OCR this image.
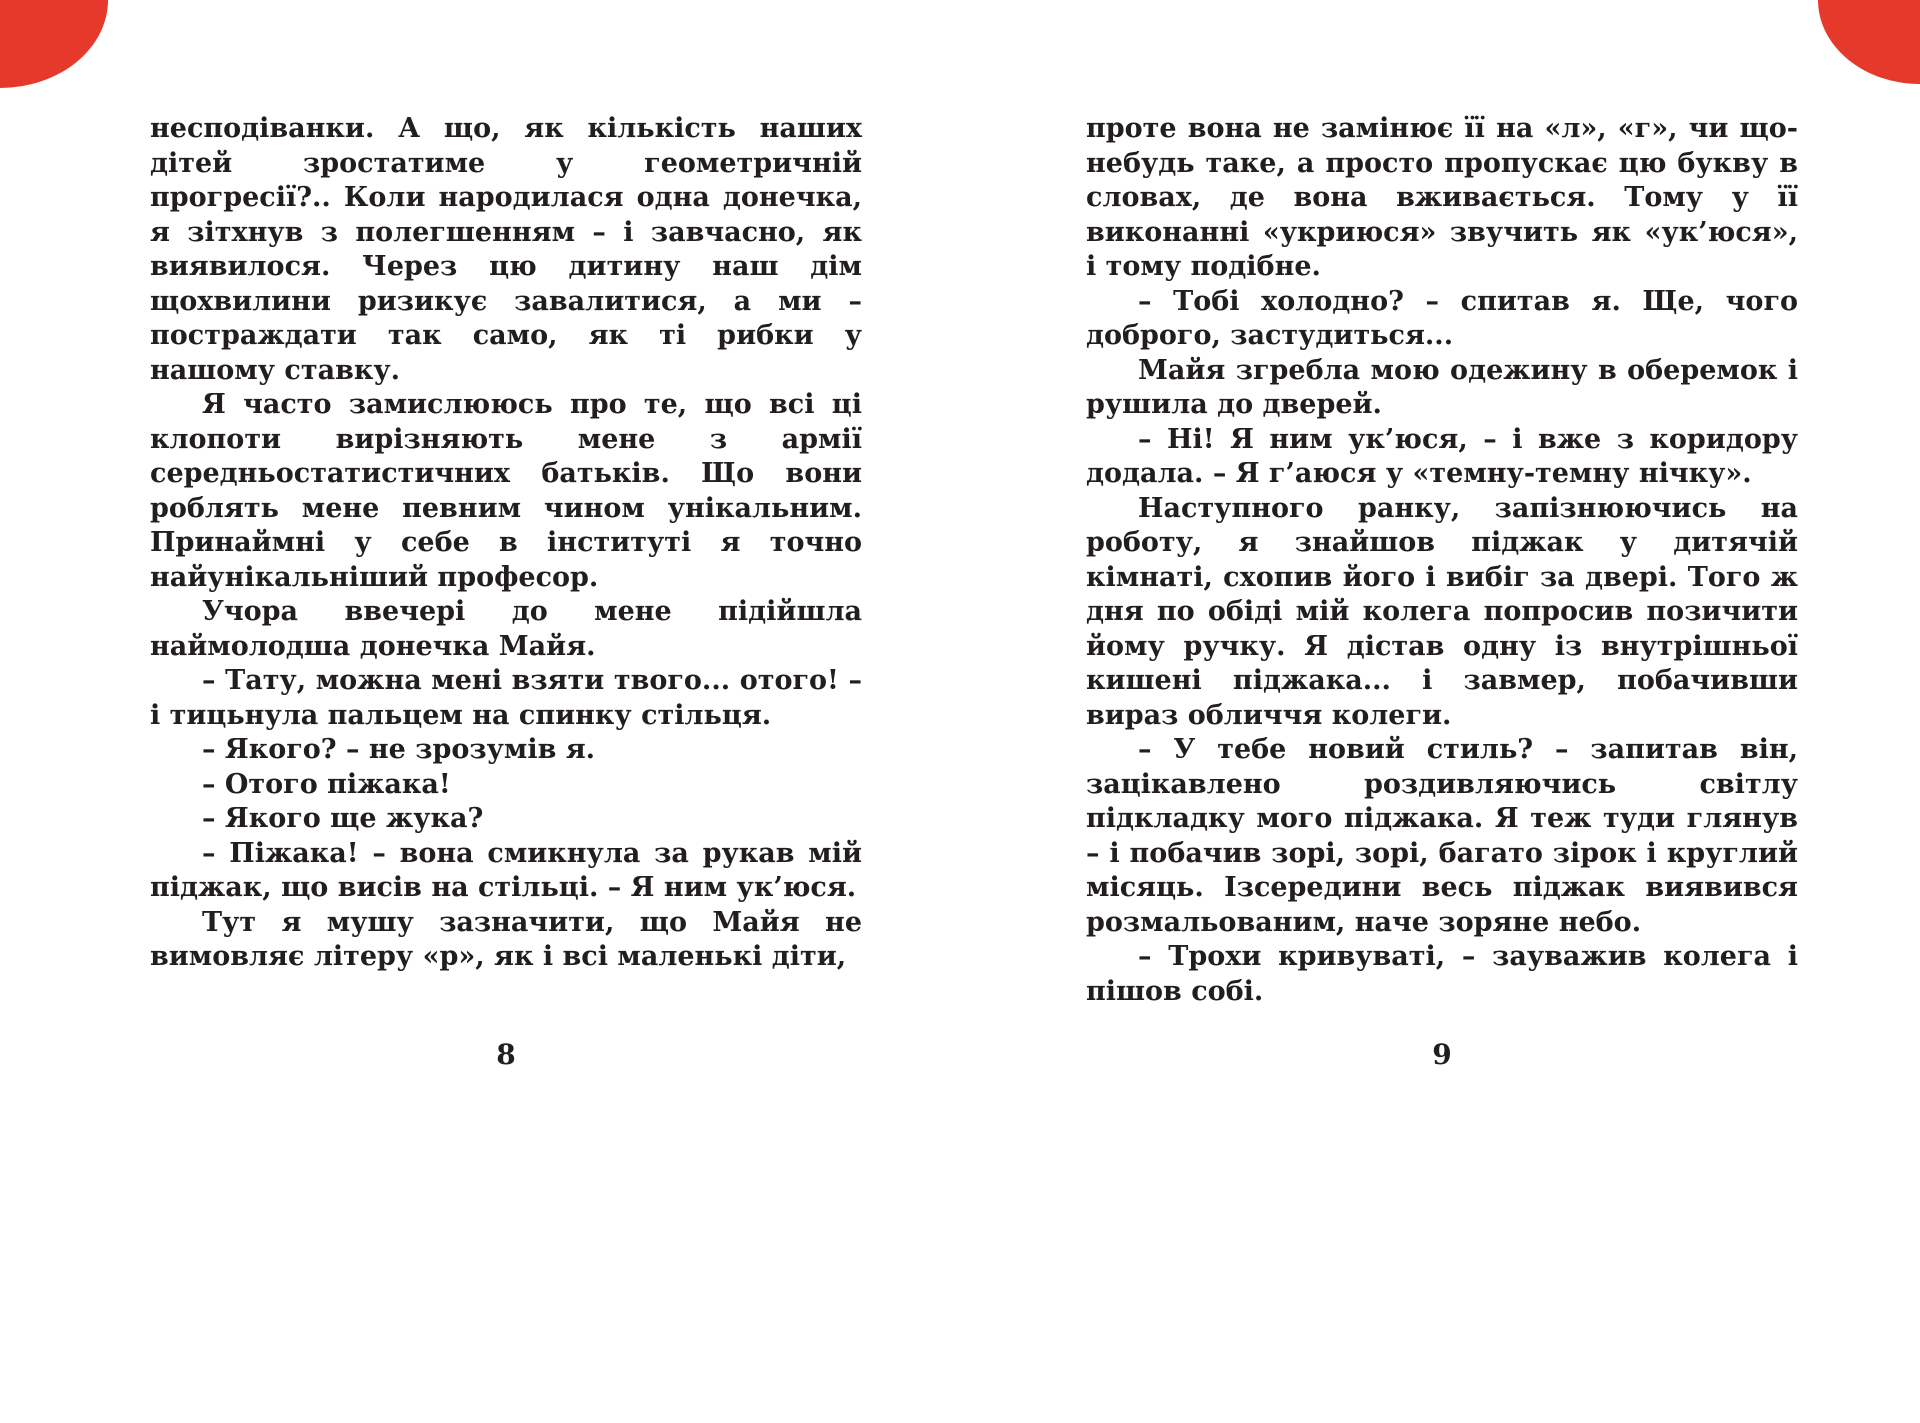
несподіванки. А що, як кількість наших дітей зростатиме у геометричній прогресії?.. Коли народилася одна донечка, я зітхнув з полегшенням – і завчасно, як виявилося. Через цю дитину наш дім щохвилини ризикує завалитися, а ми – постраждати так само, як ті рибки у нашому ставку.

Я часто замислююсь про те, що всі ці клопоти вирізняють мене з армії середньостатистичних батьків. Що вони роблять мене певним чином унікальним. Принаймні у себе в інституті я точно найунікальніший професор.

Учора ввечері до мене підійшла наймолодша донечка Майя.

– Тату, можна мені взяти твого... отого! – і тицьнула пальцем на спинку стільця.

– Якого? – не зрозумів я.

– Отого піжака!

– Якого ще жука?

– Піжака! – вона смикнула за рукав мій піджак, що висів на стільці. – Я ним ук’юся.

Тут я мушу зазначити, що Майя не вимовляє літеру «р», як і всі маленькі діти,

8

проте вона не замінює її на «л», «г», чи що-небудь таке, а просто пропускає цю букву в словах, де вона вживається. Тому у її виконанні «укриюся» звучить як «ук’юся», і тому подібне.

– Тобі холодно? – спитав я. Ще, чого доброго, застудиться...

Майя згребла мою одежину в оберемок і рушила до дверей.

– Ні! Я ним ук’юся, – і вже з коридору додала. – Я г’аюся у «темну-темну нічку».

Наступного ранку, запізнюючись на роботу, я знайшов піджак у дитячій кімнаті, схопив його і вибіг за двері. Того ж дня по обіді мій колега попросив позичити йому ручку. Я дістав одну із внутрішньої кишені піджака... і завмер, побачивши вираз обличчя колеги.

– У тебе новий стиль? – запитав він, зацікавлено роздивляючись світлу підкладку мого піджака. Я теж туди глянув – і побачив зорі, зорі, багато зірок і круглий місяць. Ізсередини весь піджак виявився розмальованим, наче зоряне небо.

– Трохи кривуваті, – зауважив колега і пішов собі.

9
